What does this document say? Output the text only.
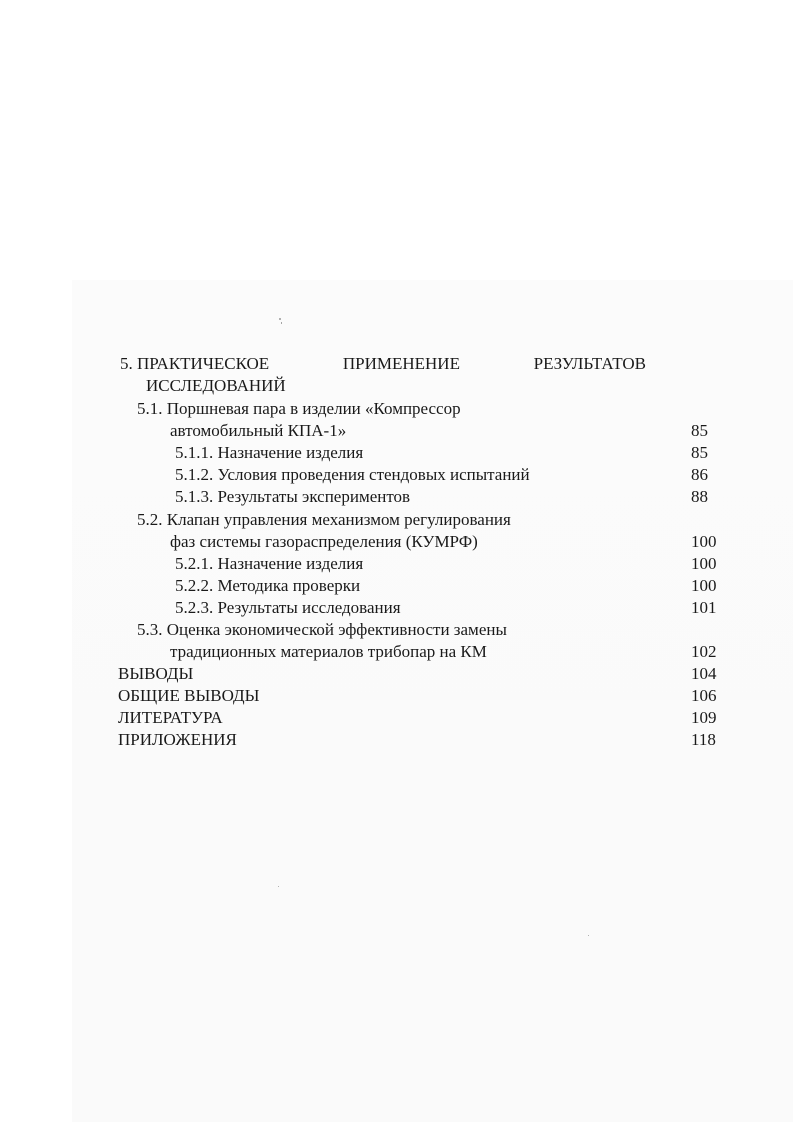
5. ПРАКТИЧЕСКОЕ	ПРИМЕНЕНИЕ	РЕЗУЛЬТАТОВ
ИССЛЕДОВАНИЙ
5.1. Поршневая пара в изделии «Компрессор
автомобильный КПА-1»	85
5.1.1. Назначение изделия	85
5.1.2. Условия проведения стендовых испытаний	86
5.1.3. Результаты экспериментов	88
5.2. Клапан управления механизмом регулирования
фаз системы газораспределения (КУМРФ)	100
5.2.1. Назначение изделия	100
5.2.2. Методика проверки	100
5.2.3. Результаты исследования	101
5.3. Оценка экономической эффективности замены
традиционных материалов трибопар на КМ	102
ВЫВОДЫ	104
ОБЩИЕ ВЫВОДЫ	106
ЛИТЕРАТУРА	109
ПРИЛОЖЕНИЯ	118
